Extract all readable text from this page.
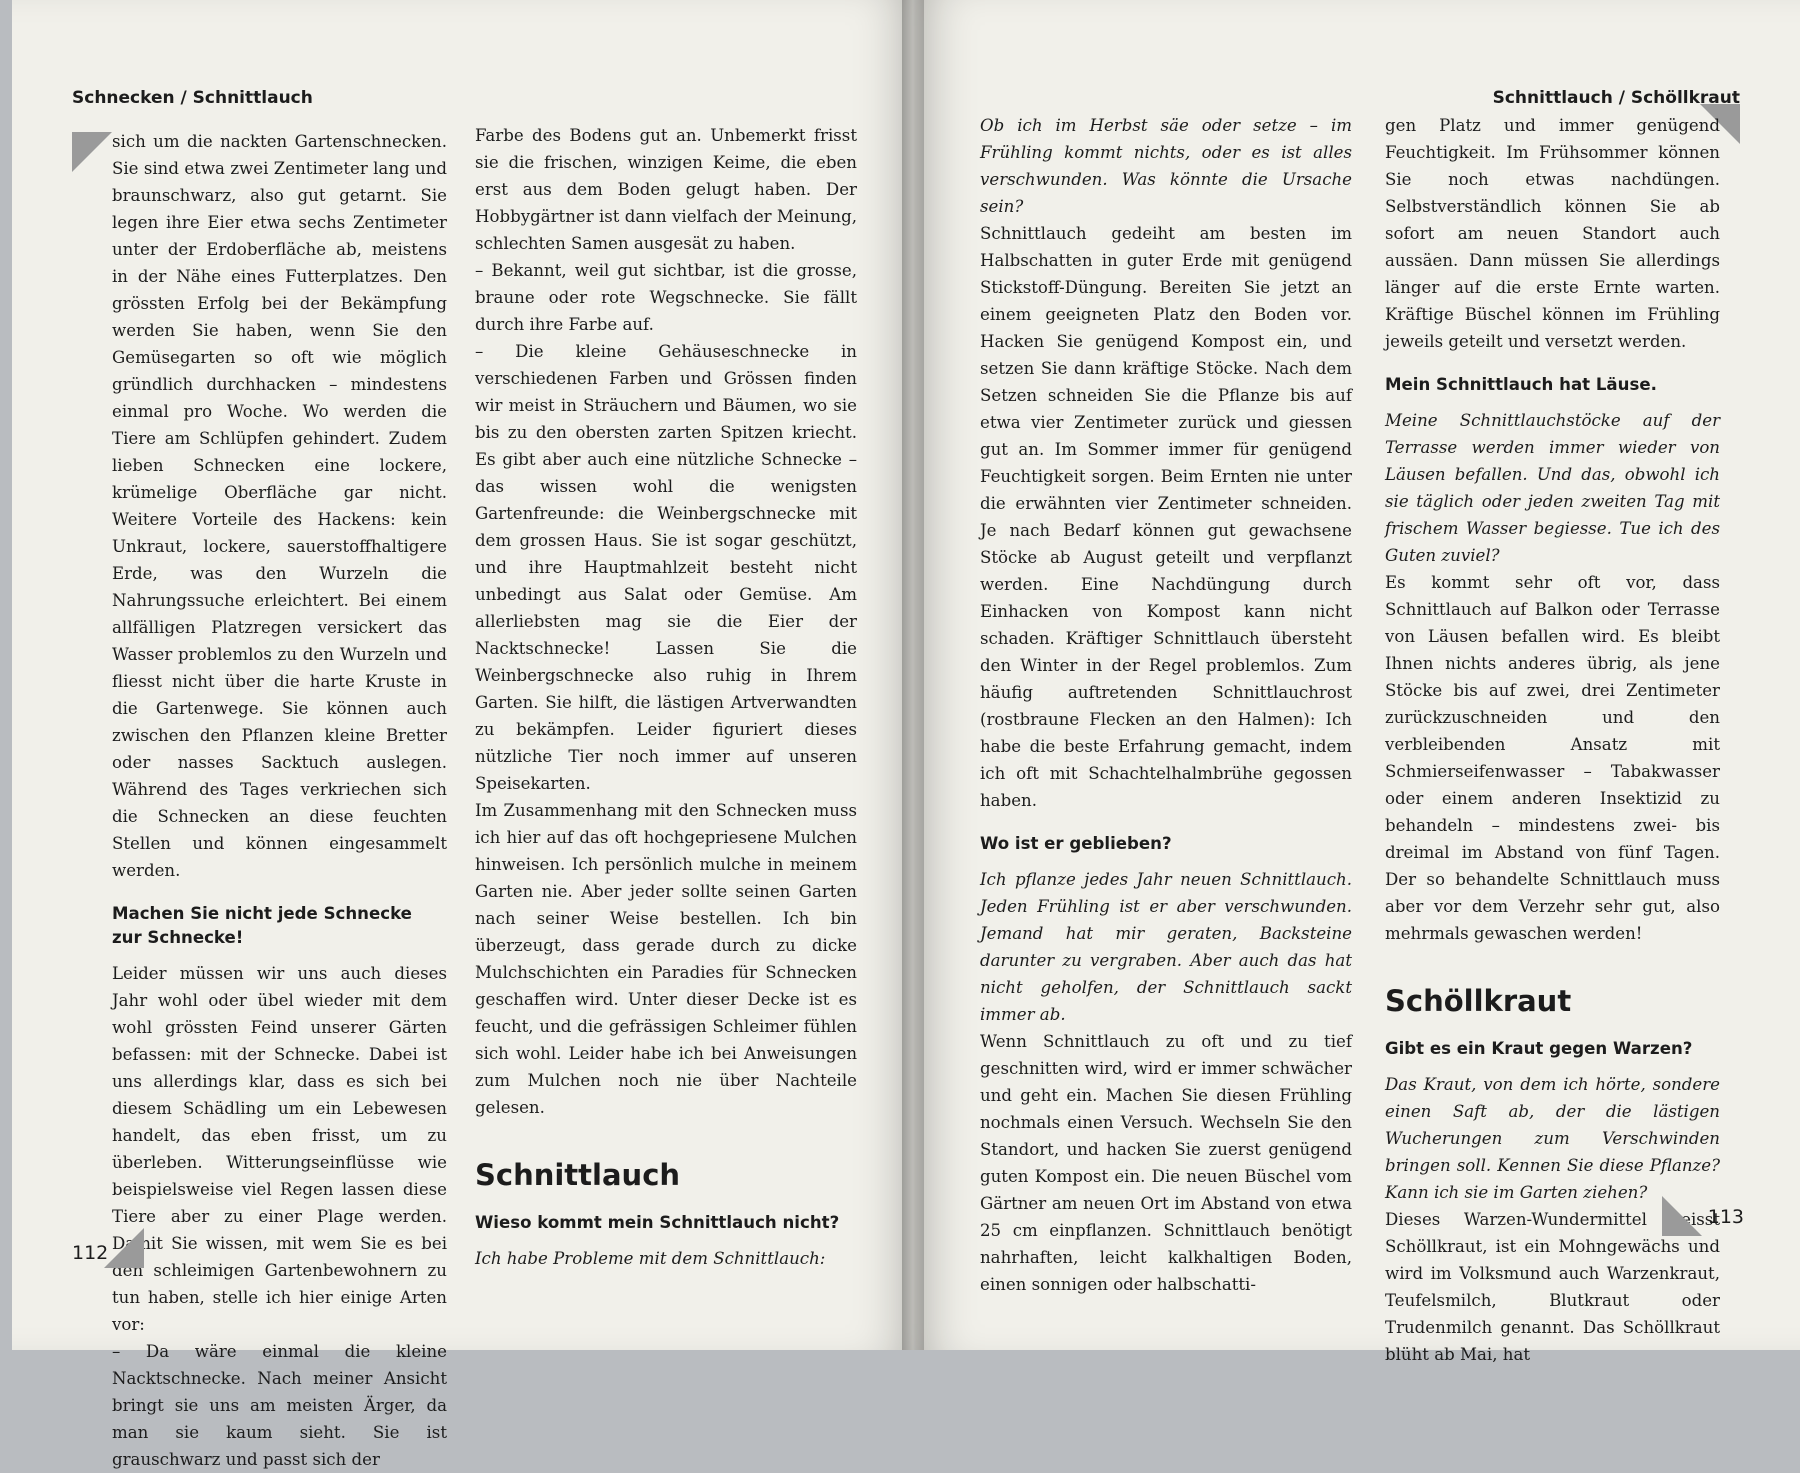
Schnecken / Schnittlauch

sich um die nackten Gartenschnecken. Sie sind etwa zwei Zentimeter lang und braunschwarz, also gut getarnt. Sie legen ihre Eier etwa sechs Zentimeter unter der Erdoberfläche ab, meistens in der Nähe eines Futterplatzes. Den grössten Erfolg bei der Bekämpfung werden Sie haben, wenn Sie den Gemüsegarten so oft wie möglich gründlich durchhacken – mindestens einmal pro Woche. Wo werden die Tiere am Schlüpfen gehindert. Zudem lieben Schnecken eine lockere, krümelige Oberfläche gar nicht. Weitere Vorteile des Hackens: kein Unkraut, lockere, sauerstoffhaltigere Erde, was den Wurzeln die Nahrungssuche erleichtert. Bei einem allfälligen Platzregen versickert das Wasser problemlos zu den Wurzeln und fliesst nicht über die harte Kruste in die Gartenwege. Sie können auch zwischen den Pflanzen kleine Bretter oder nasses Sacktuch auslegen. Während des Tages verkriechen sich die Schnecken an diese feuchten Stellen und können eingesammelt werden.

Machen Sie nicht jede Schnecke zur Schnecke!

Leider müssen wir uns auch dieses Jahr wohl oder übel wieder mit dem wohl grössten Feind unserer Gärten befassen: mit der Schnecke. Dabei ist uns allerdings klar, dass es sich bei diesem Schädling um ein Lebewesen handelt, das eben frisst, um zu überleben. Witterungseinflüsse wie beispielsweise viel Regen lassen diese Tiere aber zu einer Plage werden. Damit Sie wissen, mit wem Sie es bei den schleimigen Gartenbewohnern zu tun haben, stelle ich hier einige Arten vor:

– Da wäre einmal die kleine Nacktschnecke. Nach meiner Ansicht bringt sie uns am meisten Ärger, da man sie kaum sieht. Sie ist grauschwarz und passt sich der

Farbe des Bodens gut an. Unbemerkt frisst sie die frischen, winzigen Keime, die eben erst aus dem Boden gelugt haben. Der Hobbygärtner ist dann vielfach der Meinung, schlechten Samen ausgesät zu haben.

– Bekannt, weil gut sichtbar, ist die grosse, braune oder rote Wegschnecke. Sie fällt durch ihre Farbe auf.

– Die kleine Gehäuseschnecke in verschiedenen Farben und Grössen finden wir meist in Sträuchern und Bäumen, wo sie bis zu den obersten zarten Spitzen kriecht. Es gibt aber auch eine nützliche Schnecke – das wissen wohl die wenigsten Gartenfreunde: die Weinbergschnecke mit dem grossen Haus. Sie ist sogar geschützt, und ihre Hauptmahlzeit besteht nicht unbedingt aus Salat oder Gemüse. Am allerliebsten mag sie die Eier der Nacktschnecke! Lassen Sie die Weinbergschnecke also ruhig in Ihrem Garten. Sie hilft, die lästigen Artverwandten zu bekämpfen. Leider figuriert dieses nützliche Tier noch immer auf unseren Speisekarten.

Im Zusammenhang mit den Schnecken muss ich hier auf das oft hochgepriesene Mulchen hinweisen. Ich persönlich mulche in meinem Garten nie. Aber jeder sollte seinen Garten nach seiner Weise bestellen. Ich bin überzeugt, dass gerade durch zu dicke Mulchschichten ein Paradies für Schnecken geschaffen wird. Unter dieser Decke ist es feucht, und die gefrässigen Schleimer fühlen sich wohl. Leider habe ich bei Anweisungen zum Mulchen noch nie über Nachteile gelesen.

Schnittlauch
Wieso kommt mein Schnittlauch nicht?

Ich habe Probleme mit dem Schnittlauch:

112
Schnittlauch / Schöllkraut

Ob ich im Herbst säe oder setze – im Frühling kommt nichts, oder es ist alles verschwunden. Was könnte die Ursache sein?

Schnittlauch gedeiht am besten im Halbschatten in guter Erde mit genügend Stickstoff-Düngung. Bereiten Sie jetzt an einem geeigneten Platz den Boden vor. Hacken Sie genügend Kompost ein, und setzen Sie dann kräftige Stöcke. Nach dem Setzen schneiden Sie die Pflanze bis auf etwa vier Zentimeter zurück und giessen gut an. Im Sommer immer für genügend Feuchtigkeit sorgen. Beim Ernten nie unter die erwähnten vier Zentimeter schneiden. Je nach Bedarf können gut gewachsene Stöcke ab August geteilt und verpflanzt werden. Eine Nachdüngung durch Einhacken von Kompost kann nicht schaden. Kräftiger Schnittlauch übersteht den Winter in der Regel problemlos. Zum häufig auftretenden Schnittlauchrost (rostbraune Flecken an den Halmen): Ich habe die beste Erfahrung gemacht, indem ich oft mit Schachtelhalmbrühe gegossen haben.

Wo ist er geblieben?

Ich pflanze jedes Jahr neuen Schnittlauch. Jeden Frühling ist er aber verschwunden. Jemand hat mir geraten, Backsteine darunter zu vergraben. Aber auch das hat nicht geholfen, der Schnittlauch sackt immer ab.

Wenn Schnittlauch zu oft und zu tief geschnitten wird, wird er immer schwächer und geht ein. Machen Sie diesen Frühling nochmals einen Versuch. Wechseln Sie den Standort, und hacken Sie zuerst genügend guten Kompost ein. Die neuen Büschel vom Gärtner am neuen Ort im Abstand von etwa 25 cm einpflanzen. Schnittlauch benötigt nahrhaften, leicht kalkhaltigen Boden, einen sonnigen oder halbschatti-

gen Platz und immer genügend Feuchtigkeit. Im Frühsommer können Sie noch etwas nachdüngen. Selbstverständlich können Sie ab sofort am neuen Standort auch aussäen. Dann müssen Sie allerdings länger auf die erste Ernte warten. Kräftige Büschel können im Frühling jeweils geteilt und versetzt werden.

Mein Schnittlauch hat Läuse.

Meine Schnittlauchstöcke auf der Terrasse werden immer wieder von Läusen befallen. Und das, obwohl ich sie täglich oder jeden zweiten Tag mit frischem Wasser begiesse. Tue ich des Guten zuviel?

Es kommt sehr oft vor, dass Schnittlauch auf Balkon oder Terrasse von Läusen befallen wird. Es bleibt Ihnen nichts anderes übrig, als jene Stöcke bis auf zwei, drei Zentimeter zurückzuschneiden und den verbleibenden Ansatz mit Schmierseifenwasser – Tabakwasser oder einem anderen Insektizid zu behandeln – mindestens zwei- bis dreimal im Abstand von fünf Tagen. Der so behandelte Schnittlauch muss aber vor dem Verzehr sehr gut, also mehrmals gewaschen werden!

Schöllkraut
Gibt es ein Kraut gegen Warzen?

Das Kraut, von dem ich hörte, sondere einen Saft ab, der die lästigen Wucherungen zum Verschwinden bringen soll. Kennen Sie diese Pflanze? Kann ich sie im Garten ziehen?

Dieses Warzen-Wundermittel heisst Schöllkraut, ist ein Mohngewächs und wird im Volksmund auch Warzenkraut, Teufelsmilch, Blutkraut oder Trudenmilch genannt. Das Schöllkraut blüht ab Mai, hat

113
